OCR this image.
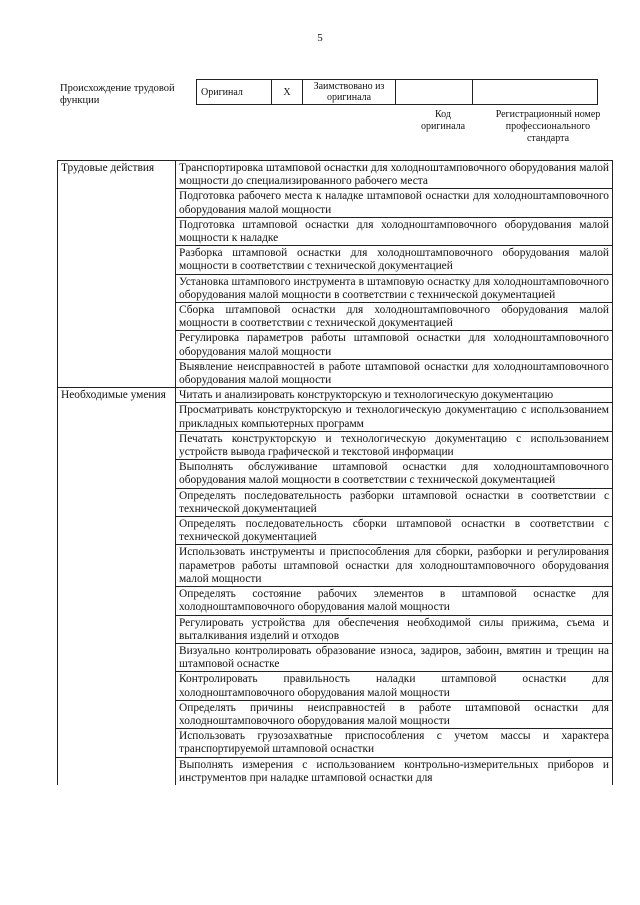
5
Происхождение трудовой функции
Оригинал	X	Заимствовано из оригинала		
Код оригинала
Регистрационный номер профессионального стандарта
Трудовые действия	Транспортировка штамповой оснастки для холодноштамповочного оборудования малой мощности до специализированного рабочего места
	Подготовка рабочего места к наладке штамповой оснастки для холодноштамповочного оборудования малой мощности
	Подготовка штамповой оснастки для холодноштамповочного оборудования малой мощности к наладке
	Разборка штамповой оснастки для холодноштамповочного оборудования малой мощности в соответствии с технической документацией
	Установка штампового инструмента в штамповую оснастку для холодноштамповочного оборудования малой мощности в соответствии с технической документацией
	Сборка штамповой оснастки для холодноштамповочного оборудования малой мощности в соответствии с технической документацией
	Регулировка параметров работы штамповой оснастки для холодноштамповочного оборудования малой мощности
	Выявление неисправностей в работе штамповой оснастки для холодноштамповочного оборудования малой мощности
Необходимые умения	Читать и анализировать конструкторскую и технологическую документацию
	Просматривать конструкторскую и технологическую документацию с использованием прикладных компьютерных программ
	Печатать конструкторскую и технологическую документацию с использованием устройств вывода графической и текстовой информации
	Выполнять обслуживание штамповой оснастки для холодноштамповочного оборудования малой мощности в соответствии с технической документацией
	Определять последовательность разборки штамповой оснастки в соответствии с технической документацией
	Определять последовательность сборки штамповой оснастки в соответствии с технической документацией
	Использовать инструменты и приспособления для сборки, разборки и регулирования параметров работы штамповой оснастки для холодноштамповочного оборудования малой мощности
	Определять состояние рабочих элементов в штамповой оснастке для холодноштамповочного оборудования малой мощности
	Регулировать устройства для обеспечения необходимой силы прижима, съема и выталкивания изделий и отходов
	Визуально контролировать образование износа, задиров, забоин, вмятин и трещин на штамповой оснастке
	Контролировать правильность наладки штамповой оснастки для холодноштамповочного оборудования малой мощности
	Определять причины неисправностей в работе штамповой оснастки для холодноштамповочного оборудования малой мощности
	Использовать грузозахватные приспособления с учетом массы и характера транспортируемой штамповой оснастки
	Выполнять измерения с использованием контрольно-измерительных приборов и инструментов при наладке штамповой оснастки для
